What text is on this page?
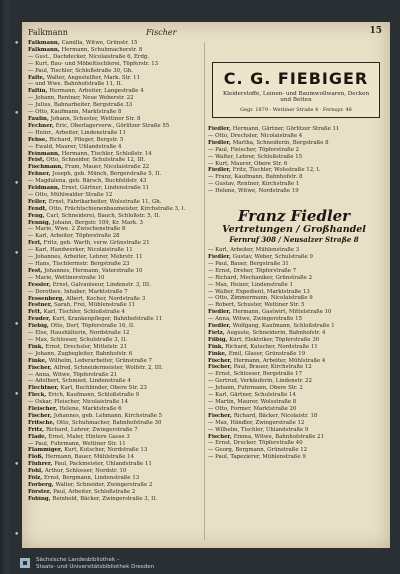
•
•
•
•
•
•
•
•
Falkmann	Fischer	15
Falkmann, Camilla, Witwe, Grünstr. 15
Falkmann, Hermann, Schuhmacherstr. 8
— Gust., Dachdecker, Nicolaistraße 6, Erdg.
— Kurt, Bau- und Möbeltischlerei, Töpferstr. 13
— Paul, Tischler, Schloßstraße 30, Gh.
Falte, Walter, Angestellter, Mark. Str. 11
— und Wwe. Bahnhofstraße 11, II.
Faltin, Hermann, Arbeiter, Langestraße 4
— Johann, Rentner, Neue Weberstr. 22
— Julius, Bahnarbeiter, Bergstraße 33
— Otto, Kaufmann, Marktstraße 8
Faulin, Johann, Schuster, Wettiner Str. 8
Fechner, Eric, Oberlagerverw., Görlitzer Straße 55
— Heinr., Arbeiter, Lindenstraße 11
Fehse, Richard, Pfleger, Bergstr. 5
— Ewald, Maurer, Uhlandstraße 4
Feinmann, Hermann, Tischler, Schloßstr. 14
Feist, Otto, Schneider, Schulstraße 12, III.
Fischmann, Fram, Mauer, Nicolaistraße 22
Fehner, Joseph, geb. Münch, Bergerstraße 5, II.
— Magdalena, geb. Bärsch, Buchfeldstr. 43
Feldmann, Ernst, Gärtner, Lindenstraße 11
— Otto, Mühlwalder Straße 12
Feller, Ernst, Fabrikarbeiter, Wolsstraße 11, Gh.
Fendt, Otto, Frächtschienenbaumeister, Kirchstraße 3, I.
Feng, Carl, Schneiderei, Bauch, Schloßstr. 5, II.
Fennig, Johann, Bergstr. 109, Kr. Mark. 3
— Marie, Wwe. 2 Zwischenstraße 8
— Karl, Arbeiter, Töpferstraße 28
Ferl, Fritz, geb. Warth, verw. Grünstraße 21
— Karl, Handwerker, Nicolaistraße 11
— Johannes, Arbeiter, Lehrer, Mehrstr. 11
— Hans, Tischlermstr. Bergstraße 23
Fest, Johannes, Hermann, Vaterstraße 10
— Marie, Wettinerstraße 10
Fessler, Ernst, Galvaniseur, Lindenstr. 3, III.
— Dorothee, Inhaber, Marktstraße 7
Fessenberg, Albert, Kocher, Nordstraße 3
Festner, Sarah, Frei, Mühlenstraße 11
Fett, Karl, Tischler, Schloßstraße 4
Feuder, Kurt, Krankenpfleger, Bahnhofstraße 11
Fiebig, Otto, Dorf, Töpferstraße 16, II.
— Else, Haushälterin, Nordstraße 12
— Max, Schlosser, Schulstraße 3, II.
Fink, Ernst, Drechsler, Mittelstr. 21
— Johann, Zugbegleiter, Bahnhofstr. 6
Finke, Wilhelm, Lederarbeiter, Grünstraße 7
Fischer, Alfred, Schneidermeister, Wolfstr. 2, III.
— Anna, Witwe, Töpferstraße 21
— Adelbert, Schmied, Lindenstraße 4
Flechtner, Karl, Buchbinder, Obere Str. 23
Fleck, Erich, Kaufmann, Schloßstraße 9
— Oskar, Fleischer, Nicolaistraße 14
Fleischer, Helene, Marktstraße 6
Fischer, Johannes, geb. Lehmann, Kirchstraße 5
Fritsche, Otto, Schuhmacher, Bahnhofstraße 30
Fritz, Richard, Lehrer, Zwingerstraße 7
Flade, Ernst, Maler, Hintere Gasse 3
— Paul, Fuhrmann, Wettiner Str. 11
Flammiger, Kurt, Kutscher, Nordstraße 13
Floß, Hermann, Bauer, Mühlstraße 14
Fluhrer, Paul, Packmeister, Uhlandstraße 11
Fohl, Arthur, Schlosser, Nordstr. 10
Fölz, Ernst, Bergmann, Lindenstraße 13
Forberg, Walter, Schneider, Zwingerstraße 2
Förster, Paul, Arbeiter, Schloßstraße 2
Fobing, Reinhold, Bäcker, Zwingerstraße 3, II.
Fiedler, Hermann, Gärtner, Görlitzer Straße 11
— Otto, Drechsler, Nicolaistraße 4
Fiedler, Martha, Schneiderin, Bergstraße 8
— Paul, Fleischer, Töpferstraße 2
— Walter, Lehrer, Schloßstraße 15
— Kurt, Maurer, Obere Str. 6
Fiedler, Fritz, Tischler, Wolsstraße 12, I.
— Franz, Kaufmann, Bahnhofstr. 8
— Gustav, Rentner, Kirchstraße 1
— Helene, Witwe, Nordstraße 19
— Karl, Arbeiter, Mühlenstraße 3
Fiedler, Gustav, Weber, Schulstraße 9
— Paul, Bauer, Bergstraße 31
— Ernst, Dreher, Töpferstraße 7
— Richard, Mechaniker, Grünstraße 2
— Max, Heizer, Lindenstraße 1
— Walter, Expedient, Marktstraße 13
— Otto, Zimmermann, Nicolaistraße 9
— Robert, Schuster, Wettiner Str. 5
Fiedler, Hermann, Gastwirt, Mittelstraße 10
— Anna, Witwe, Zwingerstraße 15
Fiedler, Wolfgang, Kaufmann, Schloßstraße 1
Fietz, Auguste, Schneiderin, Bahnhofstr. 4
Filbig, Kurt, Elektriker, Töpferstraße 30
Fink, Richard, Kutscher, Nordstraße 11
Finke, Emil, Glaser, Grünstraße 19
Fischer, Hermann, Arbeiter, Mühlstraße 4
Fischer, Paul, Brauer, Kirchstraße 12
— Ernst, Schlosser, Bergstraße 17
— Gertrud, Verkäuferin, Lindenstr. 22
— Johann, Fuhrmann, Obere Str. 2
— Karl, Gärtner, Schulstraße 14
— Martin, Maurer, Wolsstraße 8
— Otto, Former, Marktstraße 20
Fischer, Richard, Bäcker, Nicolaistr. 18
— Max, Händler, Zwingerstraße 12
— Wilhelm, Tischler, Uhlandstraße 9
Fischer, Emma, Witwe, Bahnhofstraße 21
— Ernst, Drucker, Töpferstraße 40
— Georg, Bergmann, Grünstraße 12
— Paul, Tapezierer, Mühlenstraße 9
C. G. FIEBIGER
Kleiderstoffe, Leinen- und Baumwollwaren, Decken und Betten
Gegr. 1879 · Wettiner Straße 4 · Fernspr. 48
Franz Fiedler
Vertretungen / Großhandel
Fernruf 308 / Neusalzer Straße 8
Sächsische Landesbibliothek –
Staats- und Universitätsbibliothek Dresden
